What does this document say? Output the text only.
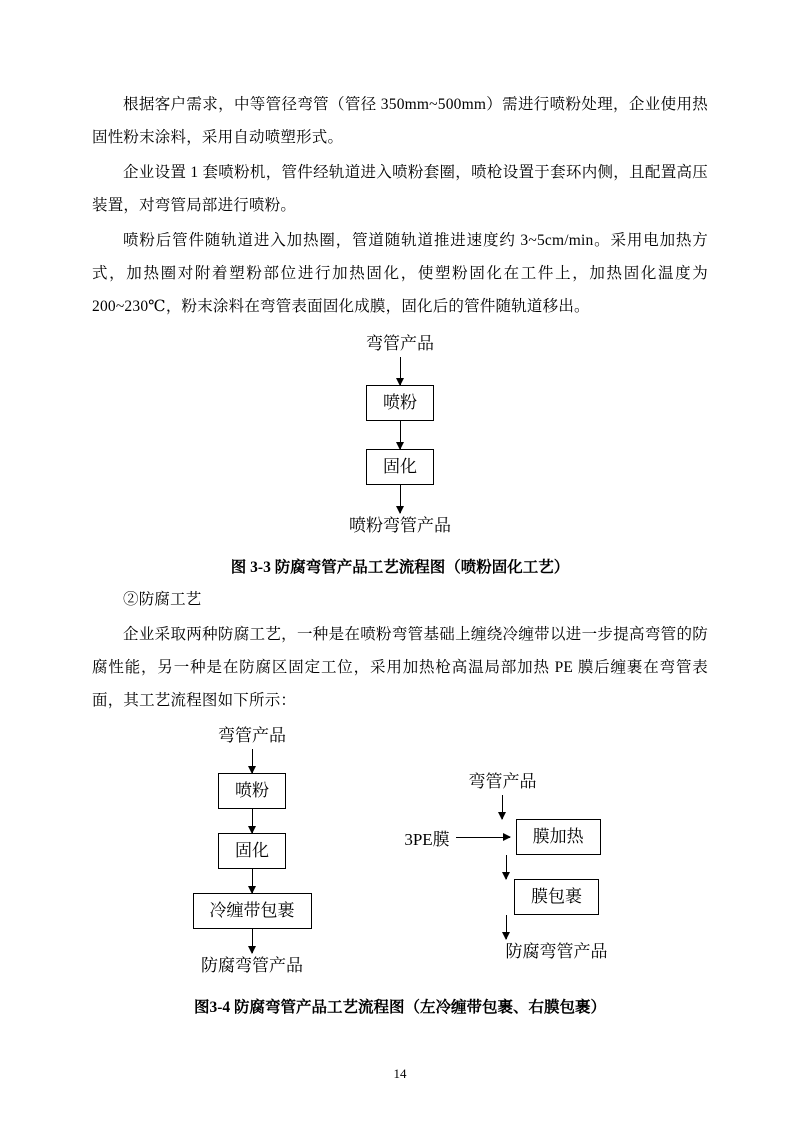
根据客户需求，中等管径弯管（管径 350mm~500mm）需进行喷粉处理，企业使用热固性粉末涂料，采用自动喷塑形式。

企业设置 1 套喷粉机，管件经轨道进入喷粉套圈，喷枪设置于套环内侧，且配置高压装置，对弯管局部进行喷粉。

喷粉后管件随轨道进入加热圈，管道随轨道推进速度约 3~5cm/min。采用电加热方式，加热圈对附着塑粉部位进行加热固化，使塑粉固化在工件上，加热固化温度为200~230℃，粉末涂料在弯管表面固化成膜，固化后的管件随轨道移出。

弯管产品
喷粉
固化
喷粉弯管产品
图 3-3 防腐弯管产品工艺流程图（喷粉固化工艺）

②防腐工艺

企业采取两种防腐工艺，一种是在喷粉弯管基础上缠绕冷缠带以进一步提高弯管的防腐性能，另一种是在防腐区固定工位，采用加热枪高温局部加热 PE 膜后缠裹在弯管表面，其工艺流程图如下所示：

弯管产品
喷粉
固化
冷缠带包裹
防腐弯管产品
弯管产品
3PE膜	膜加热
膜包裹
防腐弯管产品
图3-4 防腐弯管产品工艺流程图（左冷缠带包裹、右膜包裹）
14
